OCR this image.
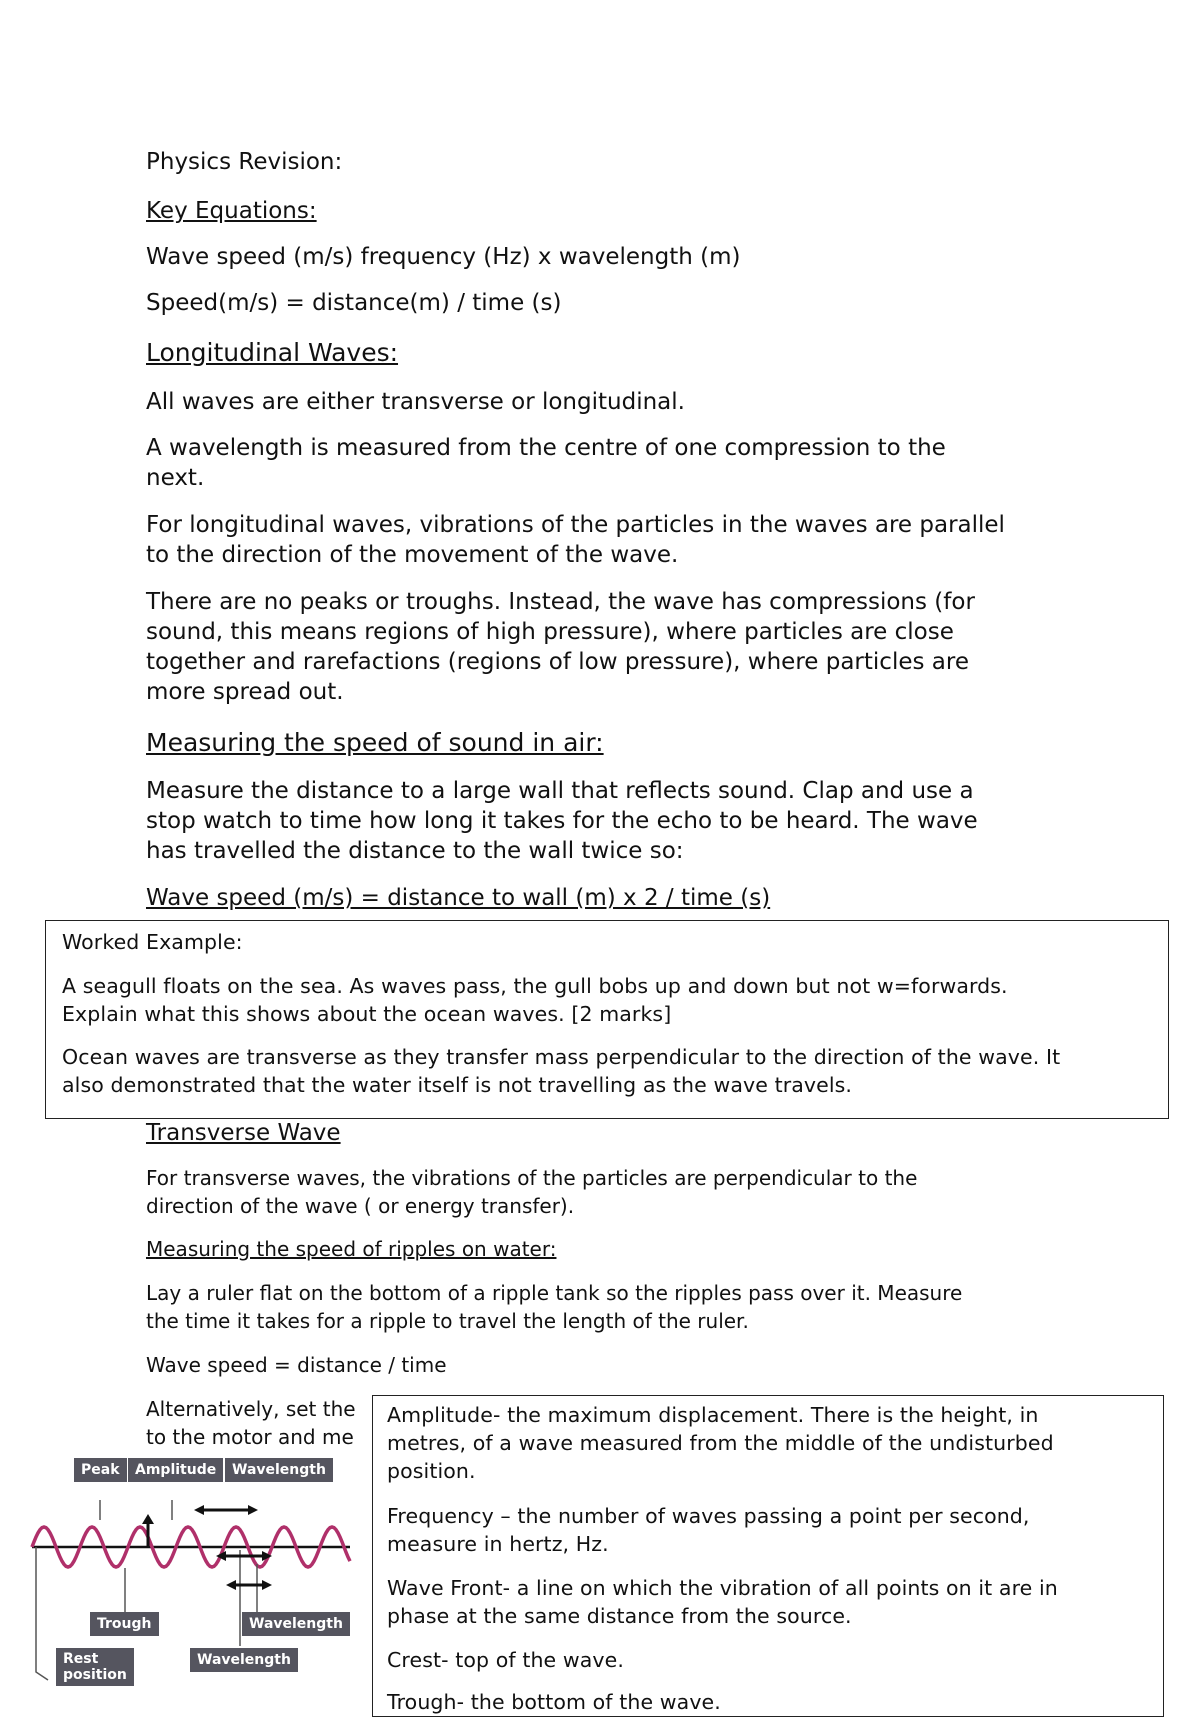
Physics Revision:

Key Equations:

Wave speed (m/s) frequency (Hz) x wavelength (m)

Speed(m/s) = distance(m) / time (s)

Longitudinal Waves:

All waves are either transverse or longitudinal.

A wavelength is measured from the centre of one compression to the

next.

For longitudinal waves, vibrations of the particles in the waves are parallel

to the direction of the movement of the wave.

There are no peaks or troughs. Instead, the wave has compressions (for

sound, this means regions of high pressure), where particles are close

together and rarefactions (regions of low pressure), where particles are

more spread out.

Measuring the speed of sound in air:

Measure the distance to a large wall that reflects sound. Clap and use a

stop watch to time how long it takes for the echo to be heard. The wave

has travelled the distance to the wall twice so:

Wave speed (m/s) = distance to wall (m) x 2 / time (s)

Worked Example:

A seagull floats on the sea. As waves pass, the gull bobs up and down but not w=forwards.

Explain what this shows about the ocean waves. [2 marks]

Ocean waves are transverse as they transfer mass perpendicular to the direction of the wave. It

also demonstrated that the water itself is not travelling as the wave travels.

Transverse Wave

For transverse waves, the vibrations of the particles are perpendicular to the

direction of the wave ( or energy transfer).

Measuring the speed of ripples on water:

Lay a ruler flat on the bottom of a ripple tank so the ripples pass over it. Measure

the time it takes for a ripple to travel the length of the ruler.

Wave speed = distance / time

Alternatively, set the

to the motor and me

Peak	Amplitude	Wavelength
Trough	Wavelength
Wavelength
Rest
position

Amplitude- the maximum displacement. There is the height, in

metres, of a wave measured from the middle of the undisturbed

position.

Frequency – the number of waves passing a point per second,

measure in hertz, Hz.

Wave Front- a line on which the vibration of all points on it are in

phase at the same distance from the source.

Crest- top of the wave.

Trough- the bottom of the wave.
